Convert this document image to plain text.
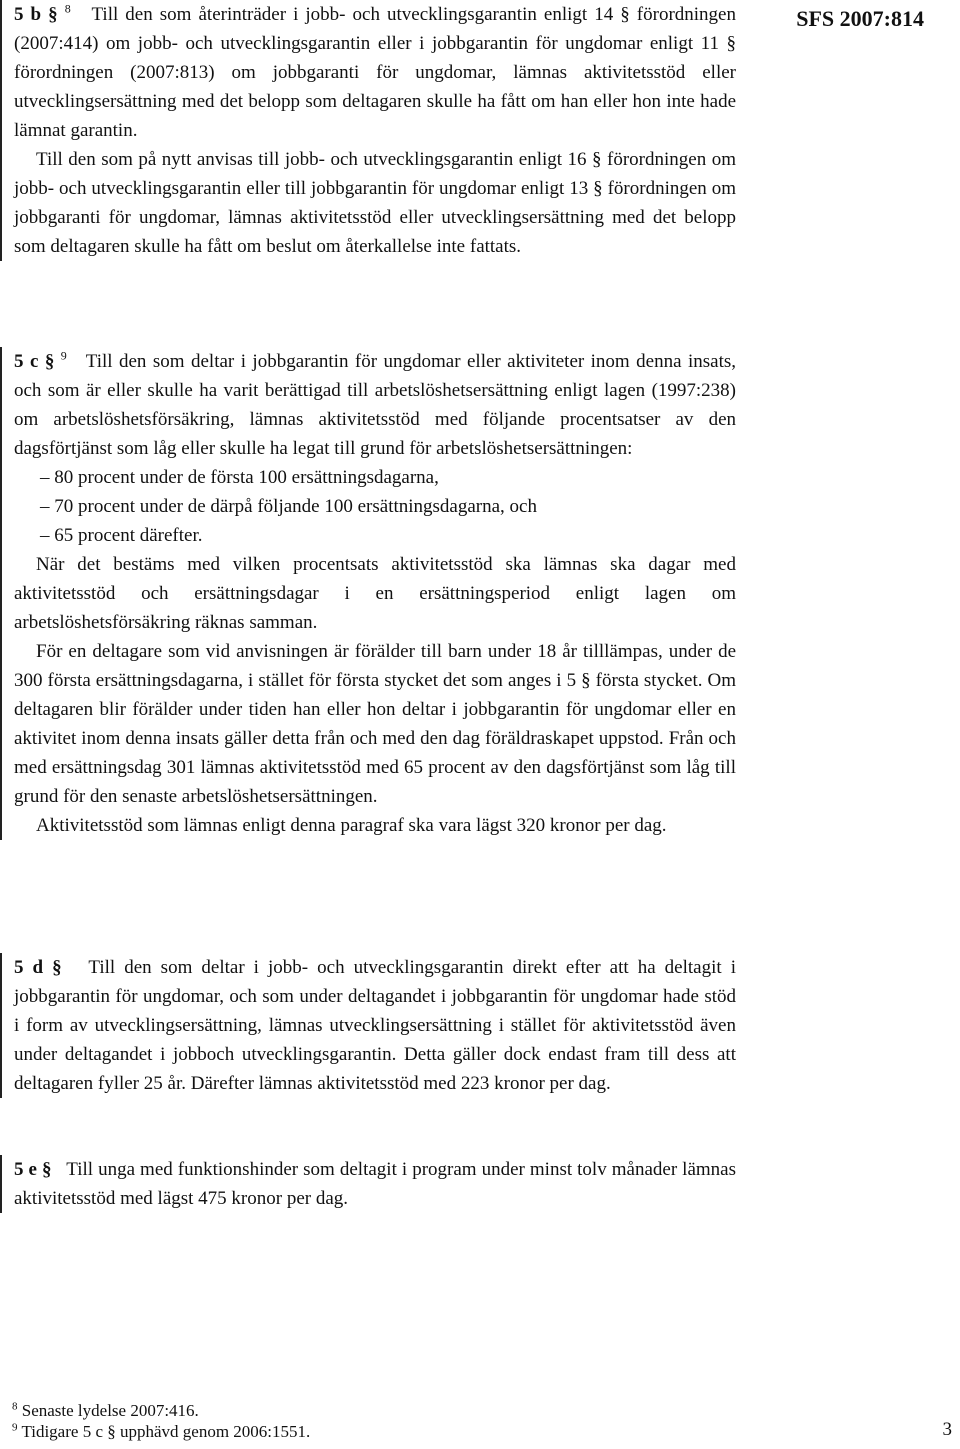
SFS 2007:814

5 b § $^8$ Till den som återinträder i jobb- och utvecklingsgarantin enligt 14 § förordningen (2007:414) om jobb- och utvecklingsgarantin eller i jobbgarantin för ungdomar enligt 11 § förordningen (2007:813) om jobbgaranti för ungdomar, lämnas aktivitetsstöd eller utvecklingsersättning med det belopp som deltagaren skulle ha fått om han eller hon inte hade lämnat garantin.

Till den som på nytt anvisas till jobb- och utvecklingsgarantin enligt 16 § förordningen om jobb- och utvecklingsgarantin eller till jobbgarantin för ungdomar enligt 13 § förordningen om jobbgaranti för ungdomar, lämnas aktivitetsstöd eller utvecklingsersättning med det belopp som deltagaren skulle ha fått om beslut om återkallelse inte fattats.

5 c § $^9$ Till den som deltar i jobbgarantin för ungdomar eller aktiviteter inom denna insats, och som är eller skulle ha varit berättigad till arbetslöshetsersättning enligt lagen (1997:238) om arbetslöshetsförsäkring, lämnas aktivitetsstöd med följande procentsatser av den dagsförtjänst som låg eller skulle ha legat till grund för arbetslöshetsersättningen:

– 80 procent under de första 100 ersättningsdagarna,

– 70 procent under de därpå följande 100 ersättningsdagarna, och

– 65 procent därefter.

När det bestäms med vilken procentsats aktivitetsstöd ska lämnas ska dagar med aktivitetsstöd och ersättningsdagar i en ersättningsperiod enligt lagen om arbetslöshetsförsäkring räknas samman.

För en deltagare som vid anvisningen är förälder till barn under 18 år tilllämpas, under de 300 första ersättningsdagarna, i stället för första stycket det som anges i 5 § första stycket. Om deltagaren blir förälder under tiden han eller hon deltar i jobbgarantin för ungdomar eller en aktivitet inom denna insats gäller detta från och med den dag föräldraskapet uppstod. Från och med ersättningsdag 301 lämnas aktivitetsstöd med 65 procent av den dagsförtjänst som låg till grund för den senaste arbetslöshetsersättningen.

Aktivitetsstöd som lämnas enligt denna paragraf ska vara lägst 320 kronor per dag.

5 d § Till den som deltar i jobb- och utvecklingsgarantin direkt efter att ha deltagit i jobbgarantin för ungdomar, och som under deltagandet i jobbgarantin för ungdomar hade stöd i form av utvecklingsersättning, lämnas utvecklingsersättning i stället för aktivitetsstöd även under deltagandet i jobboch utvecklingsgarantin. Detta gäller dock endast fram till dess att deltagaren fyller 25 år. Därefter lämnas aktivitetsstöd med 223 kronor per dag.

5 e § Till unga med funktionshinder som deltagit i program under minst tolv månader lämnas aktivitetsstöd med lägst 475 kronor per dag.

$^8$ Senaste lydelse 2007:416.
$^9$ Tidigare 5 c § upphävd genom 2006:1551.	3
